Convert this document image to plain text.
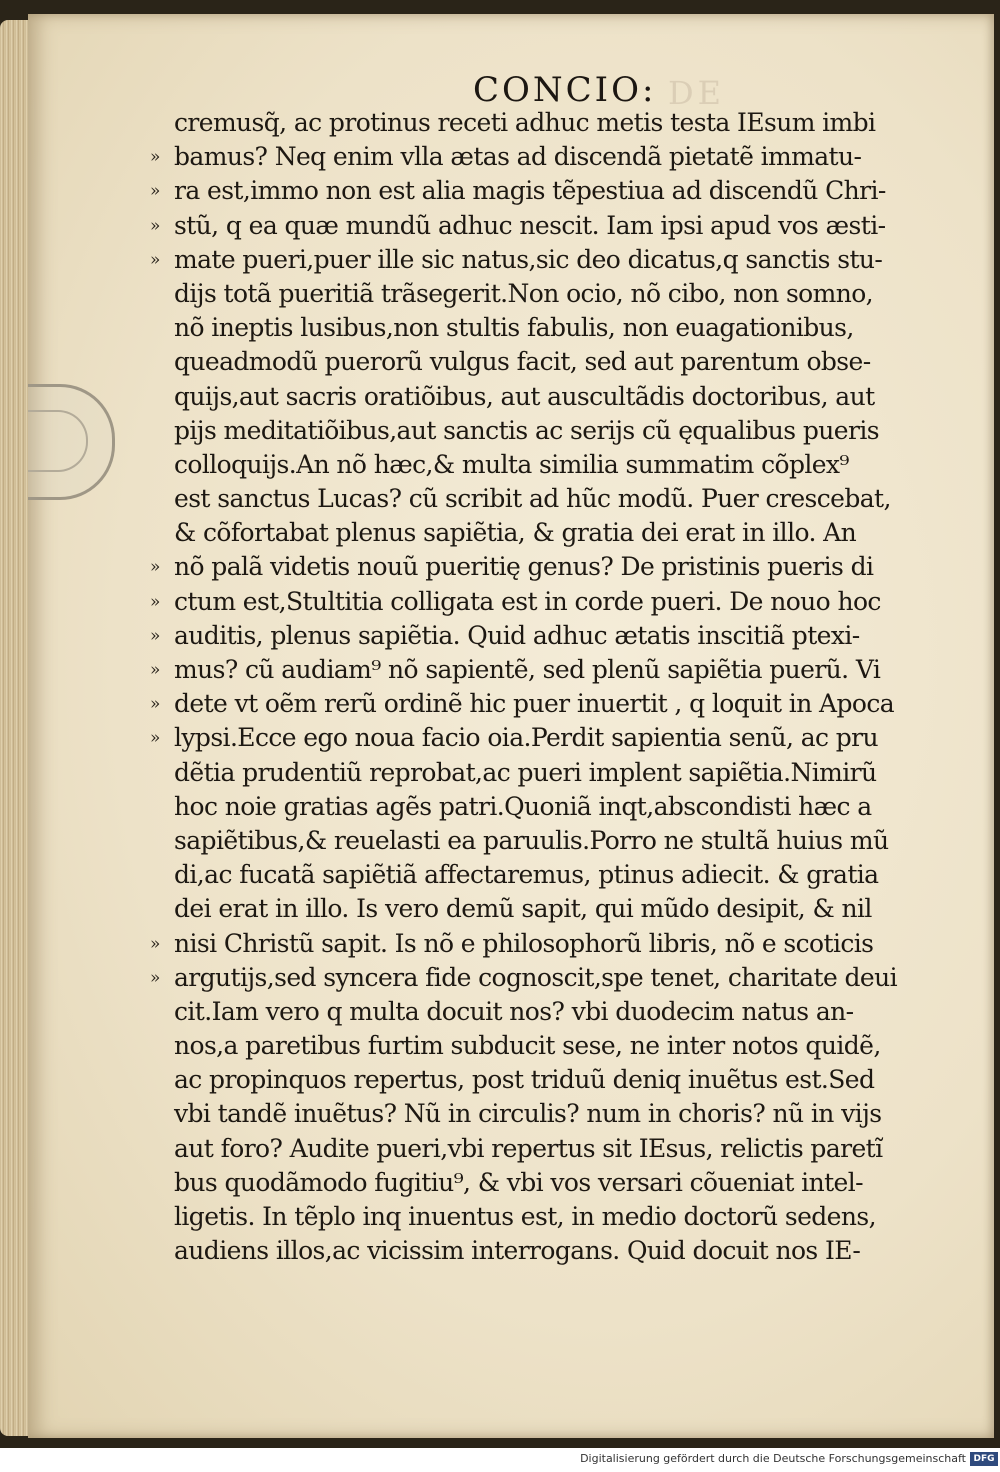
DE
CONCIO:
cremusq̃, ac protinus receti adhuc metis testa IEsum imbi
» bamus? Neq enim vlla ætas ad discendã pietatẽ immatu-
» ra est,immo non est alia magis tẽpestiua ad discendũ Chri-
» stũ, q ea quæ mundũ adhuc nescit. Iam ipsi apud vos æsti-
» mate pueri,puer ille sic natus,sic deo dicatus,q sanctis stu-
dijs totã pueritiã trãsegerit.Non ocio, nõ cibo, non somno,
nõ ineptis lusibus,non stultis fabulis, non euagationibus,
queadmodũ puerorũ vulgus facit, sed aut parentum obse-
quijs,aut sacris oratiõibus, aut auscultãdis doctoribus, aut
pijs meditatiõibus,aut sanctis ac serijs cũ ęqualibus pueris
colloquijs.An nõ hæc,& multa similia summatim cõplex⁹
est sanctus Lucas? cũ scribit ad hũc modũ. Puer crescebat,
& cõfortabat plenus sapiẽtia, & gratia dei erat in illo. An
» nõ palã videtis nouũ pueritię genus? De pristinis pueris di
» ctum est,Stultitia colligata est in corde pueri. De nouo hoc
» auditis, plenus sapiẽtia. Quid adhuc ætatis inscitiã ptexi-
» mus? cũ audiam⁹ nõ sapientẽ, sed plenũ sapiẽtia puerũ. Vi
» dete vt oẽm rerũ ordinẽ hic puer inuertit , q loquit in Apoca
» lypsi.Ecce ego noua facio oia.Perdit sapientia senũ, ac pru
dẽtia prudentiũ reprobat,ac pueri implent sapiẽtia.Nimirũ
hoc noie gratias agẽs patri.Quoniã inqt,abscondisti hæc a
sapiẽtibus,& reuelasti ea paruulis.Porro ne stultã huius mũ
di,ac fucatã sapiẽtiã affectaremus, ptinus adiecit. & gratia
dei erat in illo. Is vero demũ sapit, qui mũdo desipit, & nil
» nisi Christũ sapit. Is nõ e philosophorũ libris, nõ e scoticis
» argutijs,sed syncera fide cognoscit,spe tenet, charitate deui
cit.Iam vero q multa docuit nos? vbi duodecim natus an-
nos,a paretibus furtim subducit sese, ne inter notos quidẽ,
ac propinquos repertus, post triduũ deniq inuẽtus est.Sed
vbi tandẽ inuẽtus? Nũ in circulis? num in choris? nũ in vijs
aut foro? Audite pueri,vbi repertus sit IEsus, relictis paretĩ
bus quodãmodo fugitiu⁹, & vbi vos versari cõueniat intel-
ligetis. In tẽplo inq inuentus est, in medio doctorũ sedens,
audiens illos,ac vicissim interrogans. Quid docuit nos IE-
Digitalisierung gefördert durch die Deutsche Forschungsgemeinschaft DFG
